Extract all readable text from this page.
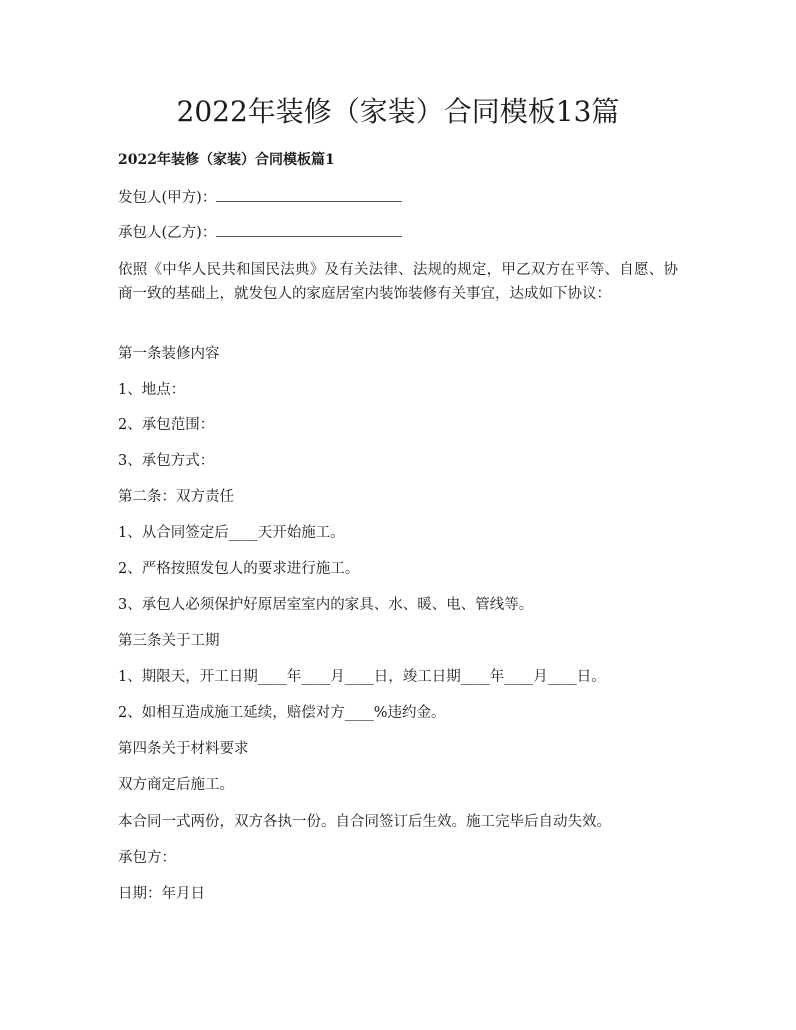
2022年装修（家装）合同模板13篇
2022年装修（家装）合同模板篇1

发包人(甲方)：

承包人(乙方)：

依照《中华人民共和国民法典》及有关法律、法规的规定，甲乙双方在平等、自愿、协商一致的基础上，就发包人的家庭居室内装饰装修有关事宜，达成如下协议：

第一条装修内容

1、地点：

2、承包范围：

3、承包方式：

第二条：双方责任

1、从合同签定后____天开始施工。

2、严格按照发包人的要求进行施工。

3、承包人必须保护好原居室室内的家具、水、暖、电、管线等。

第三条关于工期

1、期限天，开工日期____年____月____日，竣工日期____年____月____日。

2、如相互造成施工延续，赔偿对方____%违约金。

第四条关于材料要求

双方商定后施工。

本合同一式两份，双方各执一份。自合同签订后生效。施工完毕后自动失效。

承包方：

日期：年月日
